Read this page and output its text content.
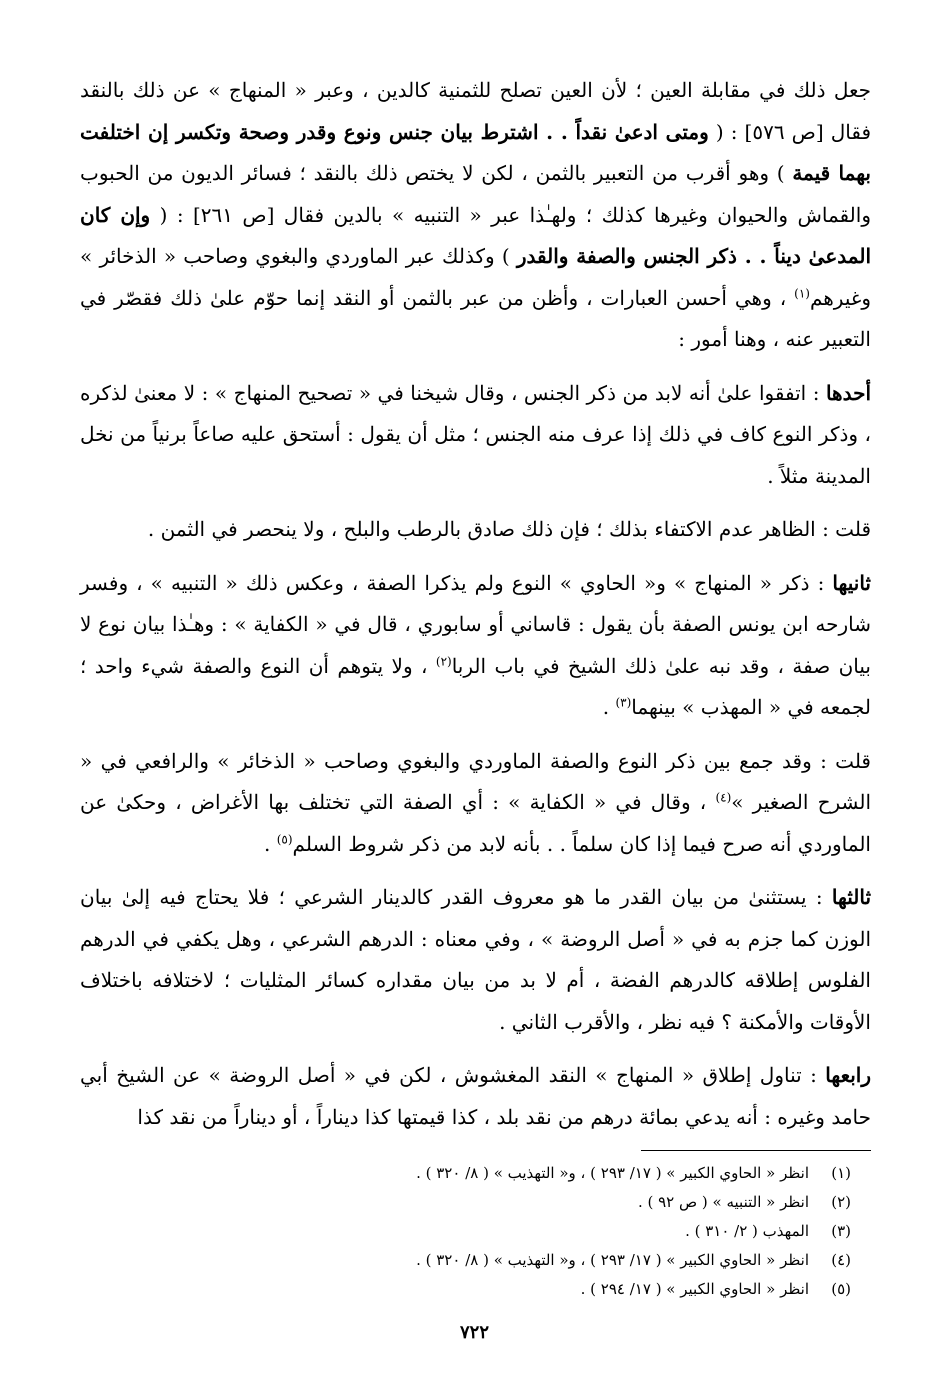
جعل ذلك في مقابلة العين ؛ لأن العين تصلح للثمنية كالدين ، وعبر « المنهاج » عن ذلك بالنقد فقال [ص ٥٧٦] : ( ومتى ادعىٰ نقداً . . اشترط بيان جنس ونوع وقدر وصحة وتكسر إن اختلفت بهما قيمة ) وهو أقرب من التعبير بالثمن ، لكن لا يختص ذلك بالنقد ؛ فسائر الديون من الحبوب والقماش والحيوان وغيرها كذلك ؛ ولهـٰذا عبر « التنبيه » بالدين فقال [ص ٢٦١] : ( وإن كان المدعىٰ ديناً . . ذكر الجنس والصفة والقدر ) وكذلك عبر الماوردي والبغوي وصاحب « الذخائر » وغيرهم$^{(١)}$ ، وهي أحسن العبارات ، وأظن من عبر بالثمن أو النقد إنما حوّم علىٰ ذلك فقصّر في التعبير عنه ، وهنا أمور :

أحدها : اتفقوا علىٰ أنه لابد من ذكر الجنس ، وقال شيخنا في « تصحيح المنهاج » : لا معنىٰ لذكره ، وذكر النوع كاف في ذلك إذا عرف منه الجنس ؛ مثل أن يقول : أستحق عليه صاعاً برنياً من نخل المدينة مثلاً .

قلت : الظاهر عدم الاكتفاء بذلك ؛ فإن ذلك صادق بالرطب والبلح ، ولا ينحصر في الثمن .

ثانيها : ذكر « المنهاج » و« الحاوي » النوع ولم يذكرا الصفة ، وعكس ذلك « التنبيه » ، وفسر شارحه ابن يونس الصفة بأن يقول : قاساني أو سابوري ، قال في « الكفاية » : وهـٰذا بيان نوع لا بيان صفة ، وقد نبه علىٰ ذلك الشيخ في باب الربا$^{(٢)}$ ، ولا يتوهم أن النوع والصفة شيء واحد ؛ لجمعه في « المهذب » بينهما$^{(٣)}$ .

قلت : وقد جمع بين ذكر النوع والصفة الماوردي والبغوي وصاحب « الذخائر » والرافعي في « الشرح الصغير »$^{(٤)}$ ، وقال في « الكفاية » : أي الصفة التي تختلف بها الأغراض ، وحكىٰ عن الماوردي أنه صرح فيما إذا كان سلماً . . بأنه لابد من ذكر شروط السلم$^{(٥)}$ .

ثالثها : يستثنىٰ من بيان القدر ما هو معروف القدر كالدينار الشرعي ؛ فلا يحتاج فيه إلىٰ بيان الوزن كما جزم به في « أصل الروضة » ، وفي معناه : الدرهم الشرعي ، وهل يكفي في الدرهم الفلوس إطلاقه كالدرهم الفضة ، أم لا بد من بيان مقداره كسائر المثليات ؛ لاختلافه باختلاف الأوقات والأمكنة ؟ فيه نظر ، والأقرب الثاني .

رابعها : تناول إطلاق « المنهاج » النقد المغشوش ، لكن في « أصل الروضة » عن الشيخ أبي حامد وغيره : أنه يدعي بمائة درهم من نقد بلد ، كذا قيمتها كذا ديناراً ، أو ديناراً من نقد كذا

(١)
انظر « الحاوي الكبير » ( ١٧/ ٢٩٣ ) ، و« التهذيب » ( ٨/ ٣٢٠ ) .
(٢)
انظر « التنبيه » ( ص ٩٢ ) .
(٣)
المهذب ( ٢/ ٣١٠ ) .
(٤)
انظر « الحاوي الكبير » ( ١٧/ ٢٩٣ ) ، و« التهذيب » ( ٨/ ٣٢٠ ) .
(٥)
انظر « الحاوي الكبير » ( ١٧/ ٢٩٤ ) .
٧٢٢
